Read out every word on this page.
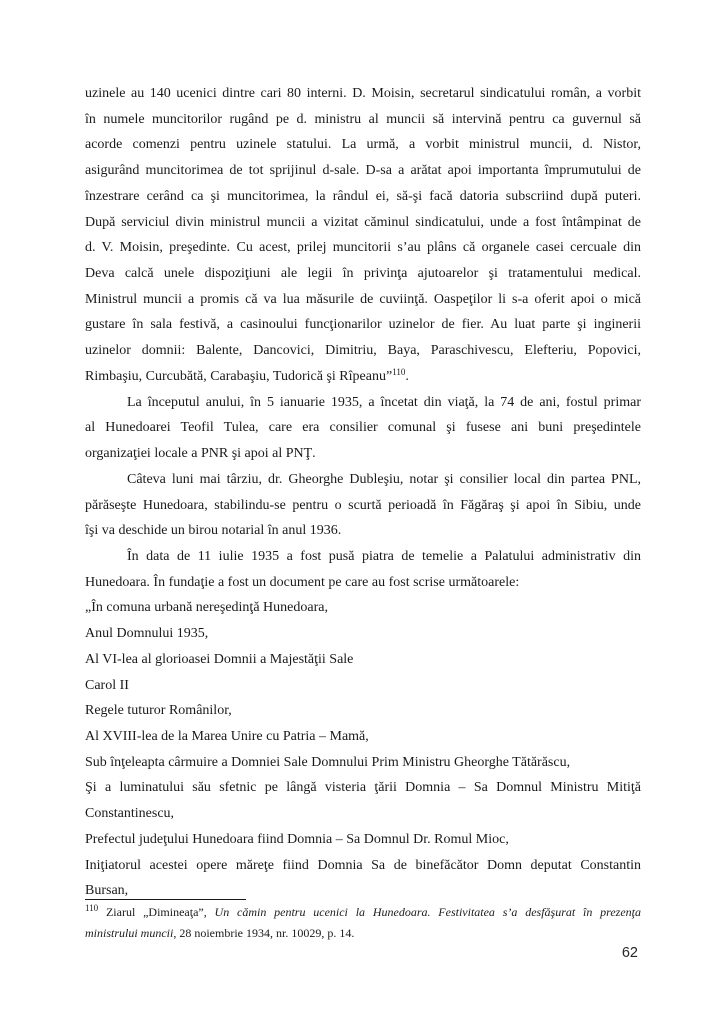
uzinele au 140 ucenici dintre cari 80 interni. D. Moisin, secretarul sindicatului român, a vorbit
în numele muncitorilor rugând pe d. ministru al muncii să intervină pentru ca guvernul să
acorde comenzi pentru uzinele statului. La urmă, a vorbit ministrul muncii, d. Nistor,
asigurând muncitorimea de tot sprijinul d-sale. D-sa a arătat apoi importanta împrumutului de
înzestrare cerând ca şi muncitorimea, la rândul ei, să-şi facă datoria subscriind după puteri.
După serviciul divin ministrul muncii a vizitat căminul sindicatului, unde a fost întâmpinat de
d. V. Moisin, preşedinte. Cu acest, prilej muncitorii s’au plâns că organele casei cercuale din
Deva calcă unele dispoziţiuni ale legii în privinţa ajutoarelor şi tratamentului medical.
Ministrul muncii a promis că va lua măsurile de cuviinţă. Oaspeţilor li s-a oferit apoi o mică
gustare în sala festivă, a casinoului funcţionarilor uzinelor de fier. Au luat parte şi inginerii
uzinelor domnii: Balente, Dancovici, Dimitriu, Baya, Paraschivescu, Elefteriu, Popovici,
Rimbaşiu, Curcubătă, Carabaşiu, Tudorică şi Rîpeanu”$^{110}$.
La începutul anului, în 5 ianuarie 1935, a încetat din viaţă, la 74 de ani, fostul primar
al Hunedoarei Teofil Tulea, care era consilier comunal şi fusese ani buni preşedintele
organizaţiei locale a PNR şi apoi al PNŢ.
Câteva luni mai târziu, dr. Gheorghe Dubleşiu, notar şi consilier local din partea PNL,
părăseşte Hunedoara, stabilindu-se pentru o scurtă perioadă în Făgăraş şi apoi în Sibiu, unde
îşi va deschide un birou notarial în anul 1936.
În data de 11 iulie 1935 a fost pusă piatra de temelie a Palatului administrativ din
Hunedoara. În fundaţie a fost un document pe care au fost scrise următoarele:
„În comuna urbană nereşedinţă Hunedoara,
Anul Domnului 1935,
Al VI-lea al glorioasei Domnii a Majestăţii Sale
Carol II
Regele tuturor Românilor,
Al XVIII-lea de la Marea Unire cu Patria – Mamă,
Sub înţeleapta cârmuire a Domniei Sale Domnului Prim Ministru Gheorghe Tătărăscu,
Şi a luminatului său sfetnic pe lângă visteria ţării Domnia – Sa Domnul Ministru Mitiţă
Constantinescu,
Prefectul judeţului Hunedoara fiind Domnia – Sa Domnul Dr. Romul Mioc,
Iniţiatorul acestei opere măreţe fiind Domnia Sa de binefăcător Domn deputat Constantin
Bursan,
$^{110}$ Ziarul „Dimineaţa”, Un cămin pentru ucenici la Hunedoara. Festivitatea s’a desfăşurat în prezenţa
ministrului muncii, 28 noiembrie 1934, nr. 10029, p. 14.
62
